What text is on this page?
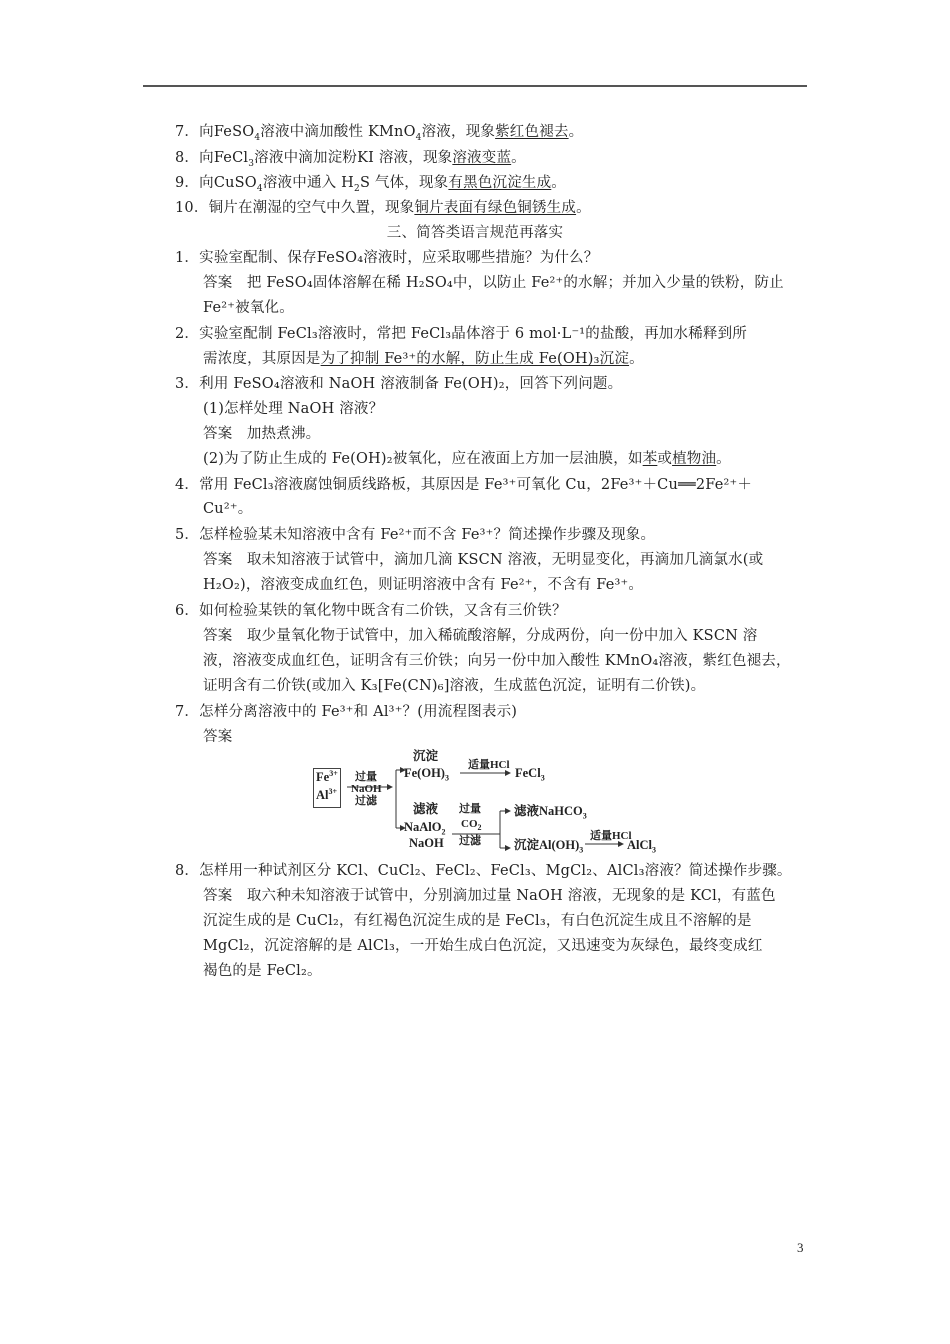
7．向FeSO$_4$溶液中滴加酸性 KMnO$_4$溶液，现象紫红色褪去。
8．向FeCl$_3$溶液中滴加淀粉KI 溶液，现象溶液变蓝。
9．向CuSO$_4$溶液中通入 $H_2S$ 气体，现象有黑色沉淀生成。
10．铜片在潮湿的空气中久置，现象铜片表面有绿色铜锈生成。
三、简答类语言规范再落实
1．实验室配制、保存FeSO₄溶液时，应采取哪些措施？为什么？
答案 把 FeSO₄固体溶解在稀 H₂SO₄中，以防止 Fe²⁺的水解；并加入少量的铁粉，防止
Fe²⁺被氧化。
2．实验室配制 FeCl₃溶液时，常把 FeCl₃晶体溶于 6 mol·L⁻¹的盐酸，再加水稀释到所
需浓度，其原因是为了抑制 Fe³⁺的水解，防止生成 Fe(OH)₃沉淀。
3．利用 FeSO₄溶液和 NaOH 溶液制备 Fe(OH)₂，回答下列问题。
(1)怎样处理 NaOH 溶液？
答案 加热煮沸。
(2)为了防止生成的 Fe(OH)₂被氧化，应在液面上方加一层油膜，如苯或植物油。
4．常用 FeCl₃溶液腐蚀铜质线路板，其原因是 Fe³⁺可氧化 Cu，2Fe³⁺＋Cu══2Fe²⁺＋
Cu²⁺。
5．怎样检验某未知溶液中含有 Fe²⁺而不含 Fe³⁺？简述操作步骤及现象。
答案 取未知溶液于试管中，滴加几滴 KSCN 溶液，无明显变化，再滴加几滴氯水(或
H₂O₂)，溶液变成血红色，则证明溶液中含有 Fe²⁺，不含有 Fe³⁺。
6．如何检验某铁的氧化物中既含有二价铁，又含有三价铁？
答案 取少量氧化物于试管中，加入稀硫酸溶解，分成两份，向一份中加入 KSCN 溶
液，溶液变成血红色，证明含有三价铁；向另一份中加入酸性 KMnO₄溶液，紫红色褪去，
证明含有二价铁(或加入 K₃[Fe(CN)₆]溶液，生成蓝色沉淀，证明有二价铁)。
7．怎样分离溶液中的 Fe³⁺和 Al³⁺？(用流程图表示)
答案
$Fe^{3+}$
$Al^{3+}$
过量
NaOH
过滤
沉淀
$Fe(OH)_3$
适量HCl
FeCl$_3$
滤液
NaAlO$_2$
NaOH
过量
$CO_2$
过滤
滤液NaHCO$_3$
沉淀$Al(OH)_3$
适量HCl
AlCl$_3$
8．怎样用一种试剂区分 KCl、CuCl₂、FeCl₂、FeCl₃、MgCl₂、AlCl₃溶液？简述操作步骤。
答案 取六种未知溶液于试管中，分别滴加过量 NaOH 溶液，无现象的是 KCl，有蓝色
沉淀生成的是 CuCl₂，有红褐色沉淀生成的是 FeCl₃，有白色沉淀生成且不溶解的是
MgCl₂，沉淀溶解的是 AlCl₃，一开始生成白色沉淀，又迅速变为灰绿色，最终变成红
褐色的是 FeCl₂。
3
